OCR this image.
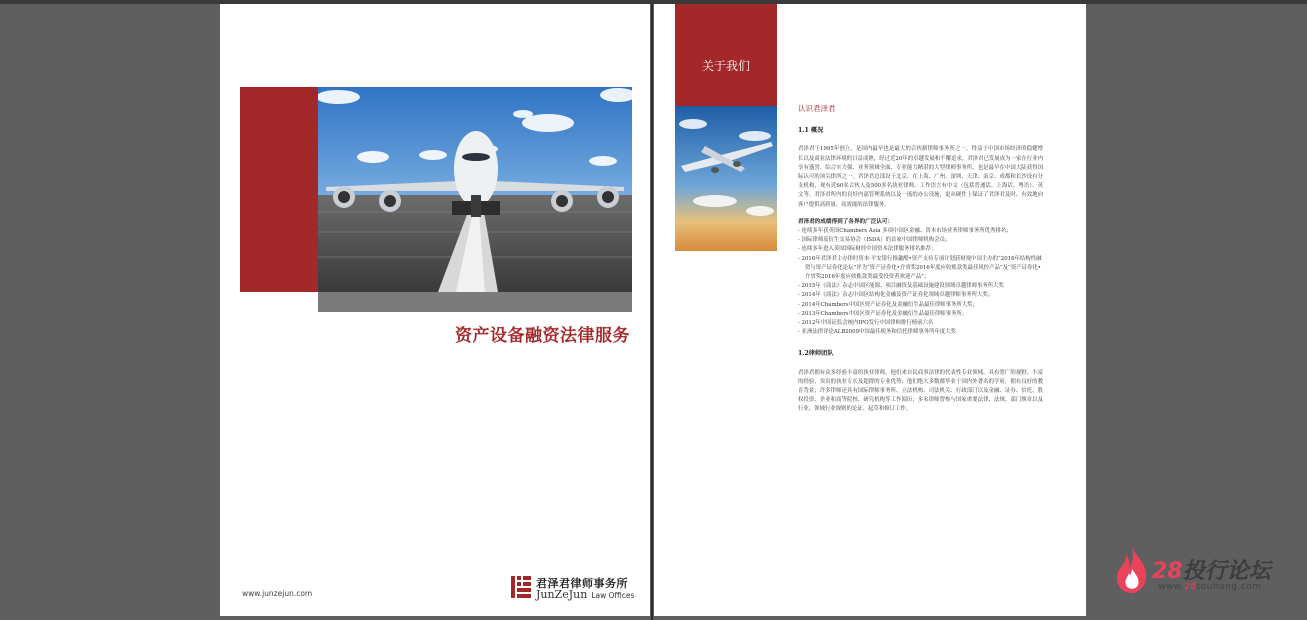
资产设备融资法律服务
www.junzejun.com
君泽君律师事务所
JunZeJun Law Offices
关于我们
认识君泽君
1.1 概况
君泽君于1995年创立，是国内最早也是最大的合伙制律师事务所之一。得益于中国市场经济的稳健增长以及商业法律环境的日益成熟，经过近20年的卓越发展和不懈追求，君泽君已发展成为一家在行业内享有盛誉、综合实力强、业务领域全面、专业能力精湛的大型律师事务所，也是最早在中国大陆获得国际认可的顶尖律所之一。君泽君总部设于北京，在上海、广州、深圳、天津、南京、成都和长沙设有分支机构，现有近60名合伙人及500多名执业律师。工作语言有中文（包括普通话、上海话、粤语）、英文等。君泽君所内的良好内部管理系统以及一流的办公设施，更从硬件上保证了君泽君及时、有效地向客户提供高质量、高效能的法律服务。
君泽君的成绩得到了各界的广泛认可：
- 连续多年获英国Chambers Asia 多项中国区金融、资本市场业务律师事务所优秀排名；
- 国际律师及衍生交易协会（ISDA）的首家中国律师机构会员；
- 连续多年进入英国国际财经中国资本法律服务排名推荐；
- 2016年君泽君主办律时资本·平安银行推蠡酷•资产支持专项计划获财视中国主办的“2016年结构性融资与资产证券化论坛”评为“资产证券化•介省奖2016年度应收账款类最佳风控产品”及“资产证券化•介省奖2016年度应收账款类最受投资者欢迎产品”；
- 2015年《商法》杂志中国区能源、项目融资及基础设施建设领域卓越律师事务所大奖
- 2014年《商法》杂志中国区结构化金融及资产证券化领域卓越律师事务所大奖；
- 2014年Chambers中国区资产证券化及金融衍生品最佳律师事务所大奖；
- 2013年Chambers中国区资产证券化及金融衍生品最佳律师事务所；
- 2012年中国证监会统内IPO发行中国律师排行榜前六名
- 亚洲法律评论ALB2009中国最佳税务和信托律师事务所年度大奖
1.2律师团队
君泽君拥有众多经验丰富的执业律师。他们来自民商事法律的代表性专业领域，具有宽广的视野、丰富的经验、突出的执业专长及超群的专业优势；他们绝大多数都毕业于国内外著名的学府，拥有良好的教育背景；许多律师还具有国际律师事务所、立法机构、司法机关、行政部门以及金融、证券、信托、股权投资、企业和高等院校、研究机构等工作阅历；多名律师曾参与国家重要法律、法规、部门规章以及行业、领域行业规则的论证、起草和修订工作。
28投行论坛
www.28touhang.com
